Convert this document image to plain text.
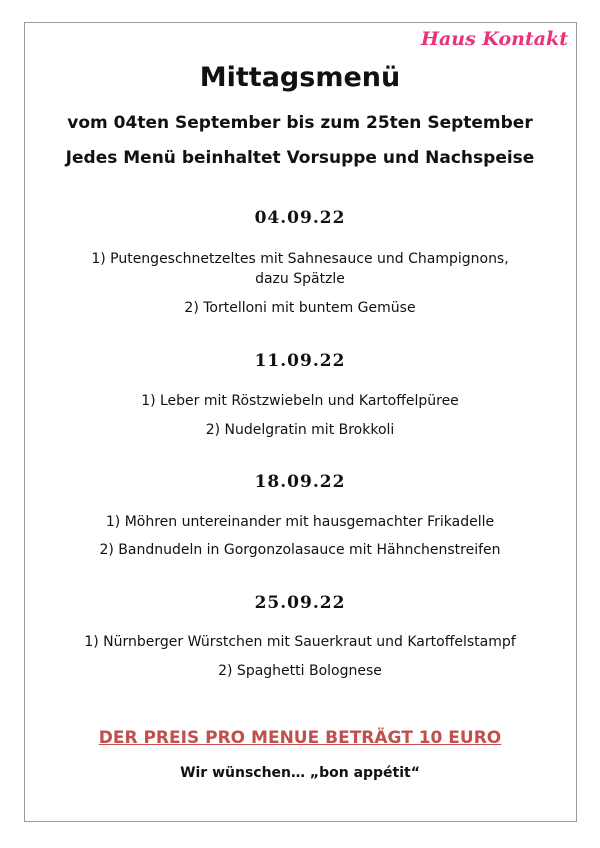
Haus Kontakt
Mittagsmenü
vom 04ten September bis zum 25ten September
Jedes Menü beinhaltet Vorsuppe und Nachspeise
04.09.22
1) Putengeschnetzeltes mit Sahnesauce und Champignons,
dazu Spätzle
2) Tortelloni mit buntem Gemüse
11.09.22
1) Leber mit Röstzwiebeln und Kartoffelpüree
2) Nudelgratin mit Brokkoli
18.09.22
1) Möhren untereinander mit hausgemachter Frikadelle
2) Bandnudeln in Gorgonzolasauce mit Hähnchenstreifen
25.09.22
1) Nürnberger Würstchen mit Sauerkraut und Kartoffelstampf
2) Spaghetti Bolognese
DER PREIS PRO MENUE BETRÄGT 10 EURO
Wir wünschen… „bon appétit“
